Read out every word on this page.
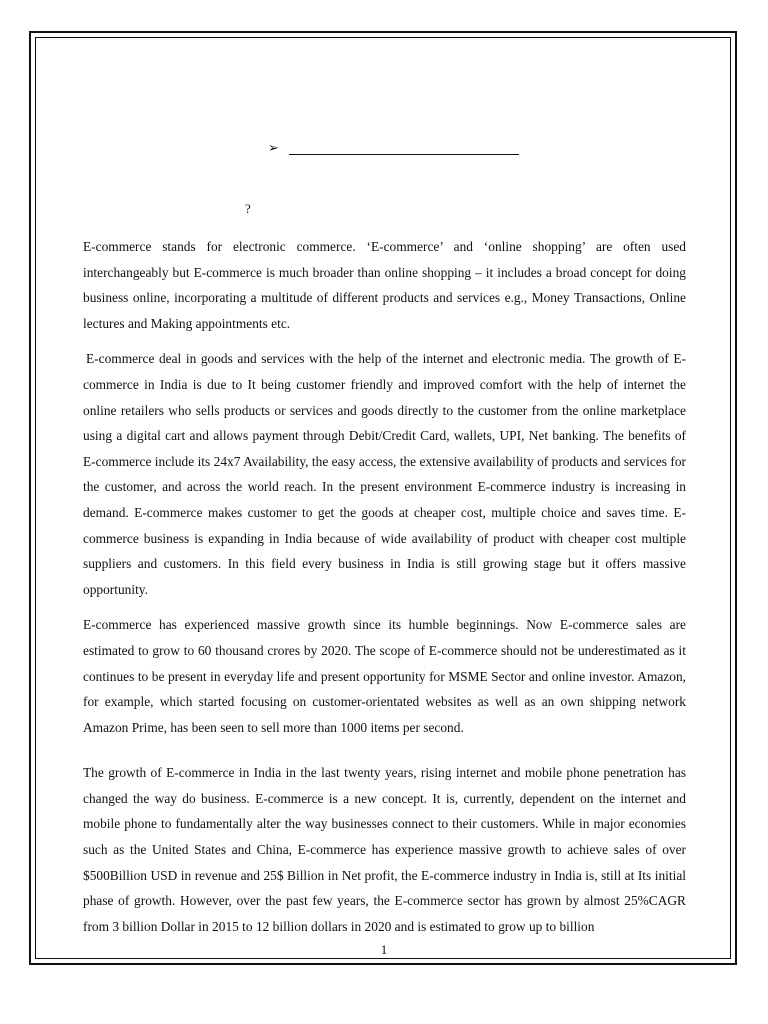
➢
?

E-commerce stands for electronic commerce. ‘E-commerce’ and ‘online shopping’ are often used interchangeably but E-commerce is much broader than online shopping – it includes a broad concept for doing business online, incorporating a multitude of different products and services e.g., Money Transactions, Online lectures and Making appointments etc.

E-commerce deal in goods and services with the help of the internet and electronic media. The growth of E-commerce in India is due to It being customer friendly and improved comfort with the help of internet the online retailers who sells products or services and goods directly to the customer from the online marketplace using a digital cart and allows payment through Debit/Credit Card, wallets, UPI, Net banking. The benefits of E-commerce include its 24x7 Availability, the easy access, the extensive availability of products and services for the customer, and across the world reach. In the present environment E-commerce industry is increasing in demand. E-commerce makes customer to get the goods at cheaper cost, multiple choice and saves time. E-commerce business is expanding in India because of wide availability of product with cheaper cost multiple suppliers and customers. In this field every business in India is still growing stage but it offers massive opportunity.

E-commerce has experienced massive growth since its humble beginnings. Now E-commerce sales are estimated to grow to 60 thousand crores by 2020. The scope of E-commerce should not be underestimated as it continues to be present in everyday life and present opportunity for MSME Sector and online investor. Amazon, for example, which started focusing on customer-orientated websites as well as an own shipping network Amazon Prime, has been seen to sell more than 1000 items per second.

The growth of E-commerce in India in the last twenty years, rising internet and mobile phone penetration has changed the way do business. E-commerce is a new concept. It is, currently, dependent on the internet and mobile phone to fundamentally alter the way businesses connect to their customers. While in major economies such as the United States and China, E-commerce has experience massive growth to achieve sales of over $500Billion USD in revenue and 25$ Billion in Net profit, the E-commerce industry in India is, still at Its initial phase of growth. However, over the past few years, the E-commerce sector has grown by almost 25%CAGR from 3 billion Dollar in 2015 to 12 billion dollars in 2020 and is estimated to grow up to billion

1
